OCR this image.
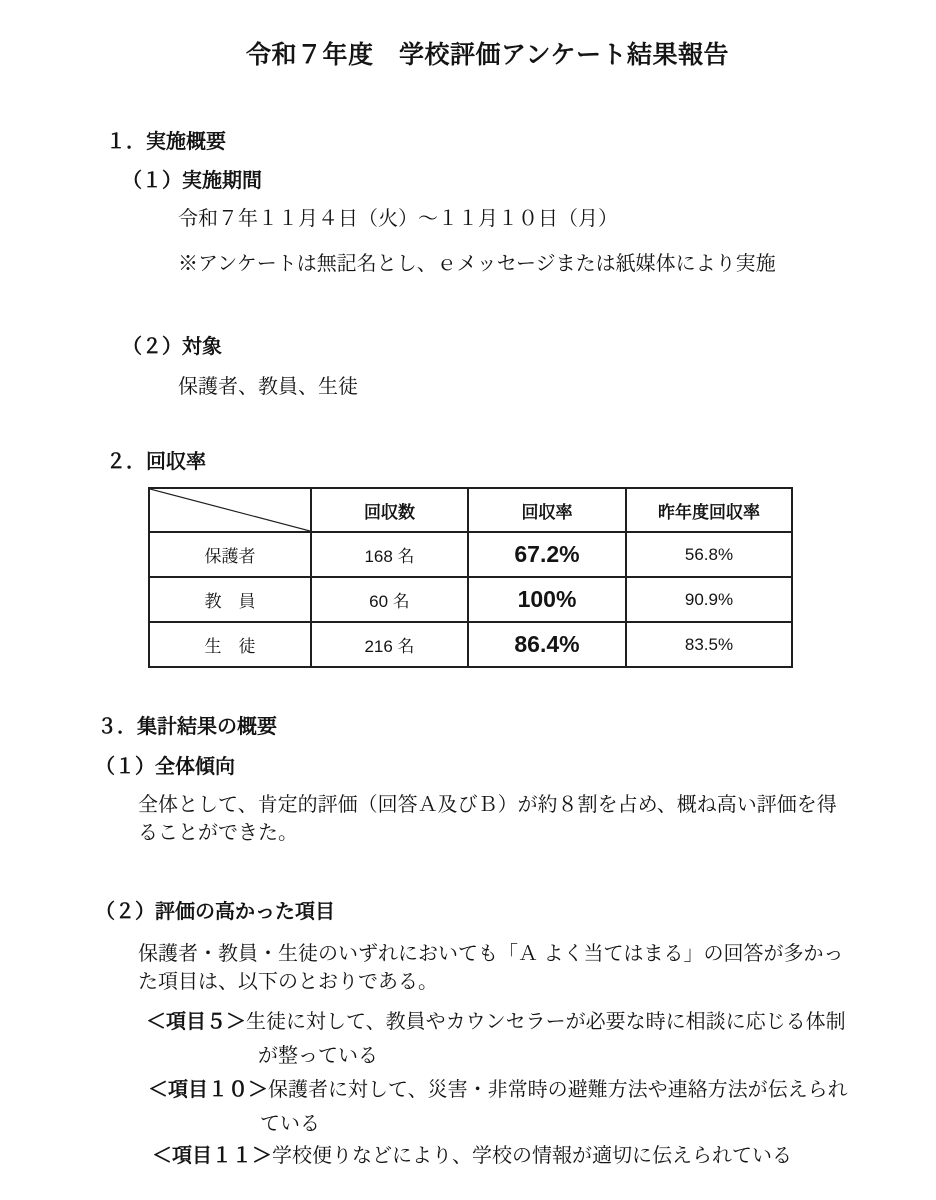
令和７年度　学校評価アンケート結果報告
１．実施概要
（１）実施期間
令和７年１１月４日（火）～１１月１０日（月）
※アンケートは無記名とし、ｅメッセージまたは紙媒体により実施
（２）対象
保護者、教員、生徒
２．回収率
	回収数	回収率	昨年度回収率
保護者	168 名	67.2%	56.8%
教　員	60 名	100%	90.9%
生　徒	216 名	86.4%	83.5%
３．集計結果の概要
（１）全体傾向
全体として、肯定的評価（回答Ａ及びＢ）が約８割を占め、概ね高い評価を得
ることができた。
（２）評価の高かった項目
保護者・教員・生徒のいずれにおいても「Ａ よく当てはまる」の回答が多かっ
た項目は、以下のとおりである。
＜項目５＞生徒に対して、教員やカウンセラーが必要な時に相談に応じる体制
が整っている
＜項目１０＞保護者に対して、災害・非常時の避難方法や連絡方法が伝えられ
ている
＜項目１１＞学校便りなどにより、学校の情報が適切に伝えられている
